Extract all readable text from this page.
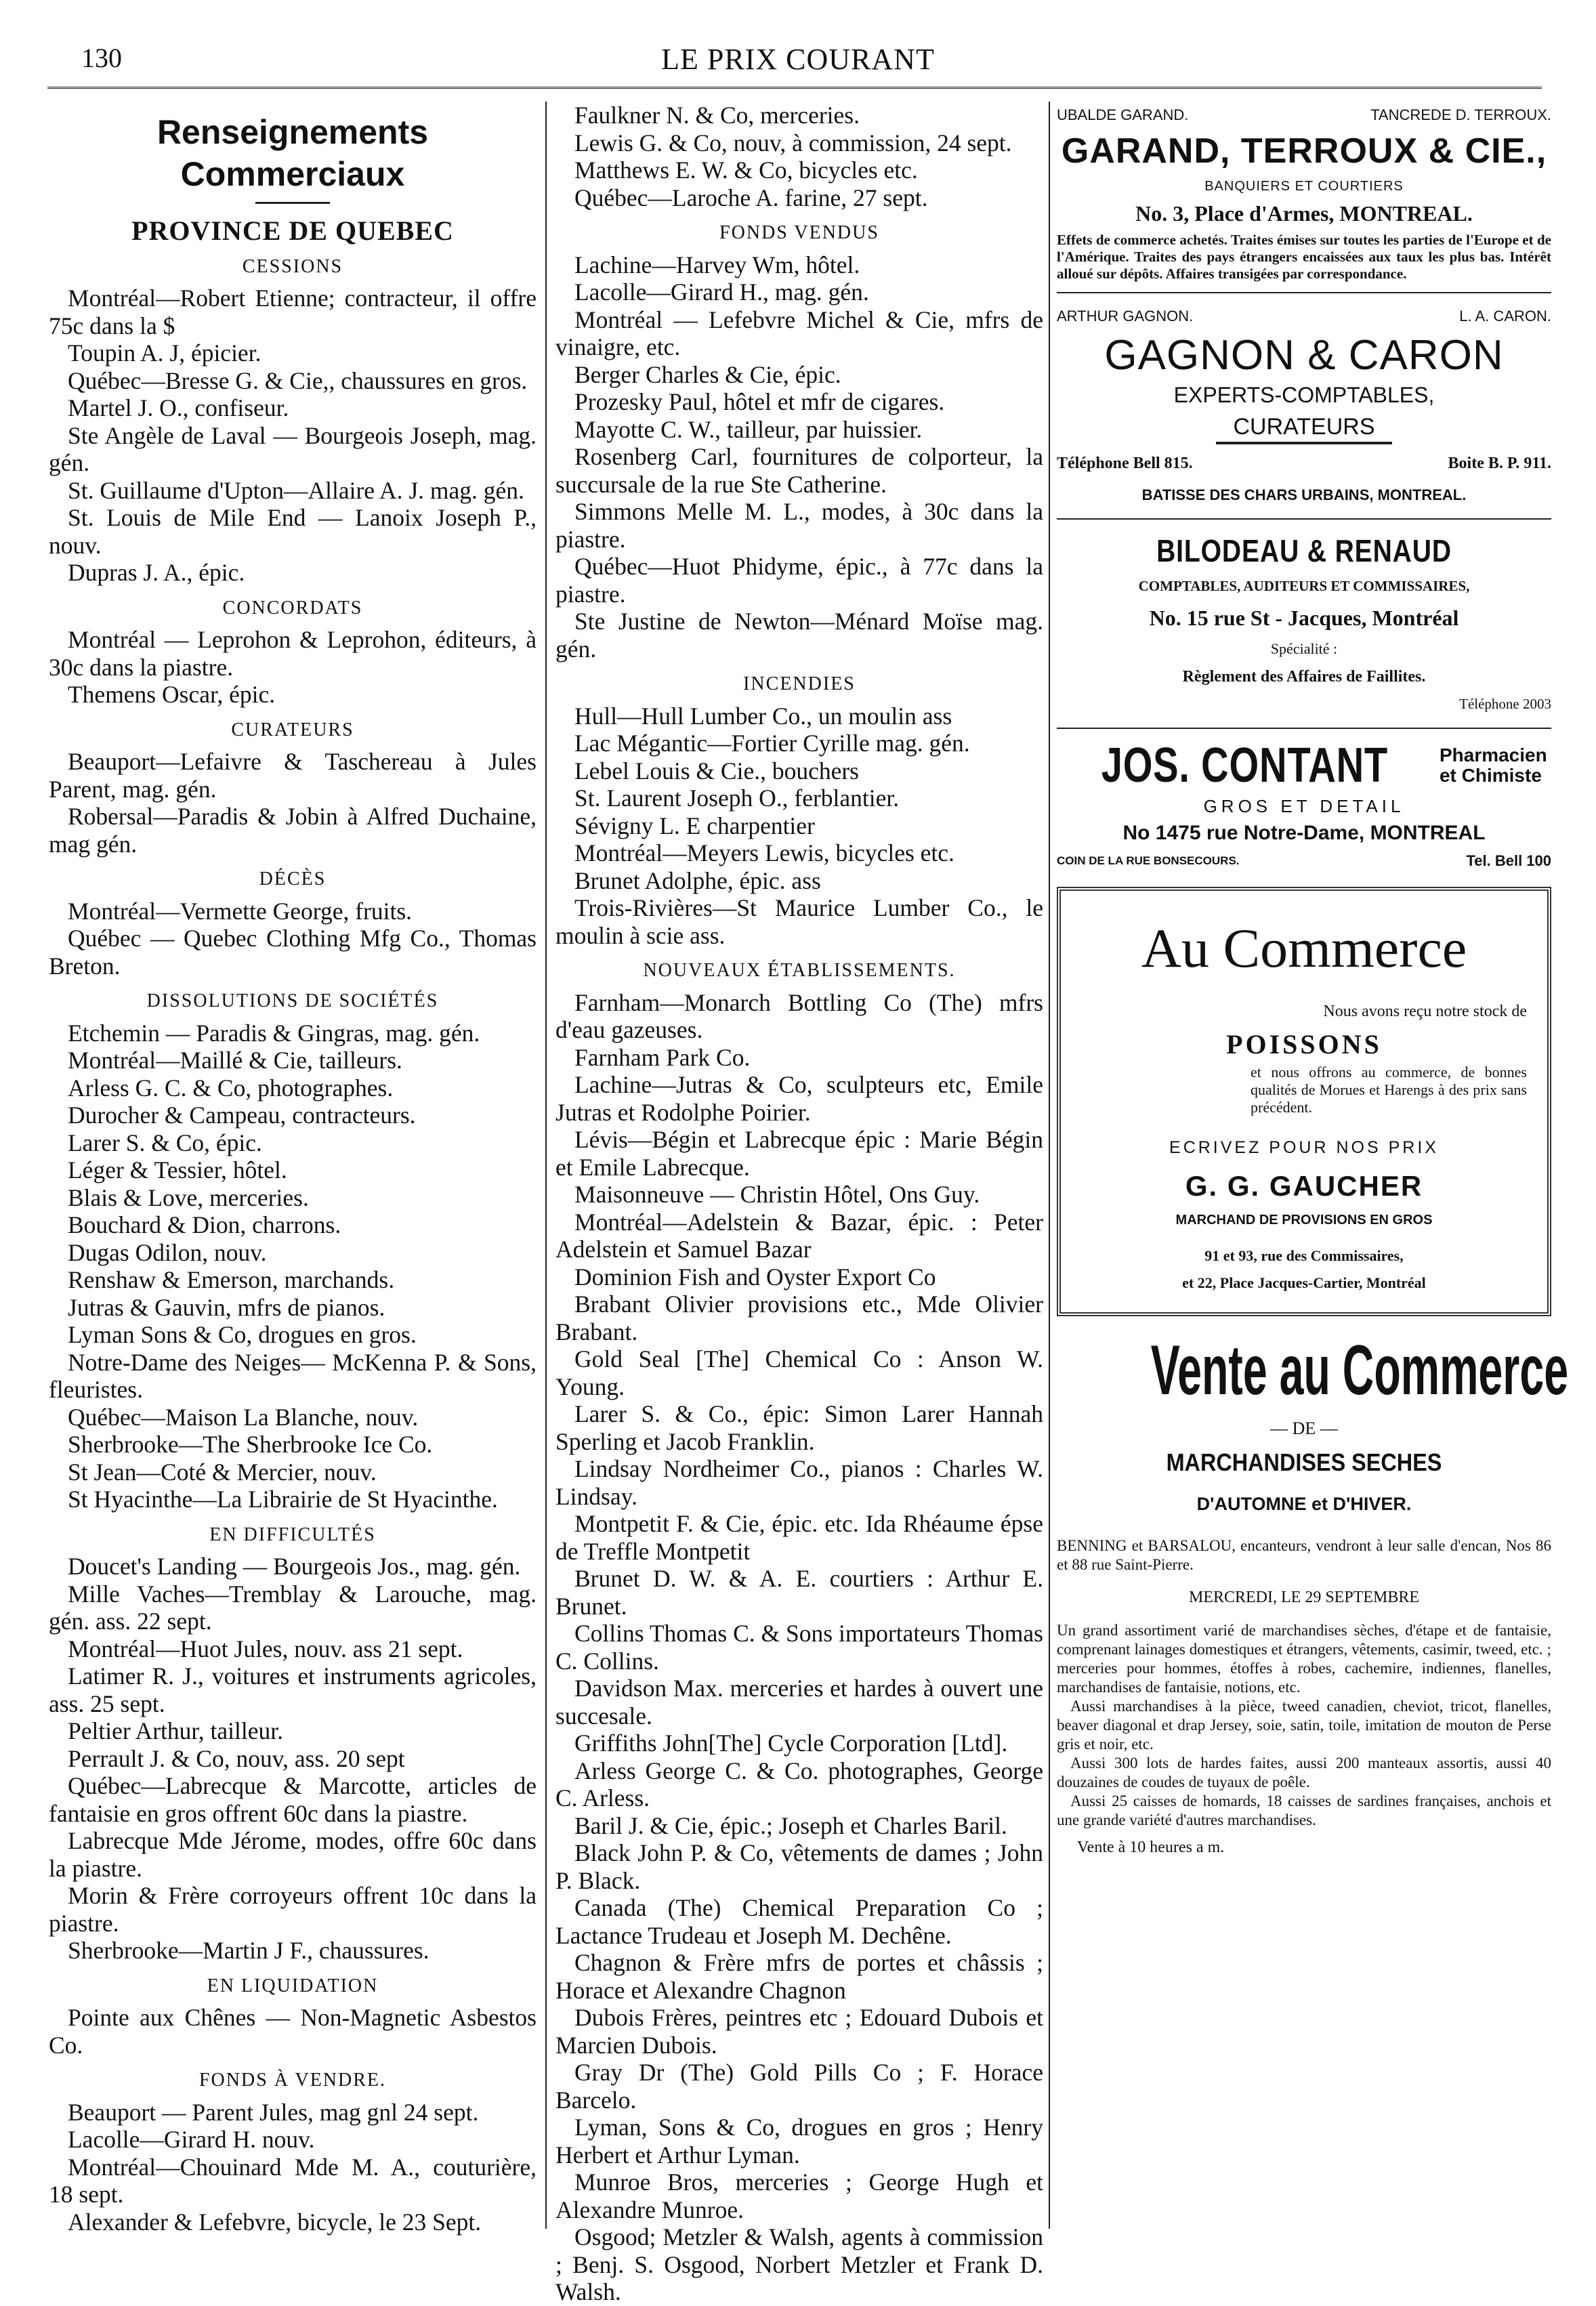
130	LE PRIX COURANT
Renseignements Commerciaux
PROVINCE DE QUEBEC
CESSIONS

Montréal—Robert Etienne; contracteur, il offre 75c dans la $

Toupin A. J, épicier.

Québec—Bresse G. & Cie,, chaussures en gros.

Martel J. O., confiseur.

Ste Angèle de Laval — Bourgeois Joseph, mag. gén.

St. Guillaume d'Upton—Allaire A. J. mag. gén.

St. Louis de Mile End — Lanoix Joseph P., nouv.

Dupras J. A., épic.

CONCORDATS

Montréal — Leprohon & Leprohon, éditeurs, à 30c dans la piastre.

Themens Oscar, épic.

CURATEURS

Beauport—Lefaivre & Taschereau à Jules Parent, mag. gén.

Robersal—Paradis & Jobin à Alfred Duchaine, mag gén.

DÉCÈS

Montréal—Vermette George, fruits.

Québec — Quebec Clothing Mfg Co., Thomas Breton.

DISSOLUTIONS DE SOCIÉTÉS

Etchemin — Paradis & Gingras, mag. gén.

Montréal—Maillé & Cie, tailleurs.

Arless G. C. & Co, photographes.

Durocher & Campeau, contracteurs.

Larer S. & Co, épic.

Léger & Tessier, hôtel.

Blais & Love, merceries.

Bouchard & Dion, charrons.

Dugas Odilon, nouv.

Renshaw & Emerson, marchands.

Jutras & Gauvin, mfrs de pianos.

Lyman Sons & Co, drogues en gros.

Notre-Dame des Neiges— McKenna P. & Sons, fleuristes.

Québec—Maison La Blanche, nouv.

Sherbrooke—The Sherbrooke Ice Co.

St Jean—Coté & Mercier, nouv.

St Hyacinthe—La Librairie de St Hyacinthe.

EN DIFFICULTÉS

Doucet's Landing — Bourgeois Jos., mag. gén.

Mille Vaches—Tremblay & Larouche, mag. gén. ass. 22 sept.

Montréal—Huot Jules, nouv. ass 21 sept.

Latimer R. J., voitures et instruments agricoles, ass. 25 sept.

Peltier Arthur, tailleur.

Perrault J. & Co, nouv, ass. 20 sept

Québec—Labrecque & Marcotte, articles de fantaisie en gros offrent 60c dans la piastre.

Labrecque Mde Jérome, modes, offre 60c dans la piastre.

Morin & Frère corroyeurs offrent 10c dans la piastre.

Sherbrooke—Martin J F., chaussures.

EN LIQUIDATION

Pointe aux Chênes — Non-Magnetic Asbestos Co.

FONDS À VENDRE.

Beauport — Parent Jules, mag gnl 24 sept.

Lacolle—Girard H. nouv.

Montréal—Chouinard Mde M. A., couturière, 18 sept.

Alexander & Lefebvre, bicycle, le 23 Sept.

Faulkner N. & Co, merceries.

Lewis G. & Co, nouv, à commission, 24 sept.

Matthews E. W. & Co, bicycles etc.

Québec—Laroche A. farine, 27 sept.

FONDS VENDUS

Lachine—Harvey Wm, hôtel.

Lacolle—Girard H., mag. gén.

Montréal — Lefebvre Michel & Cie, mfrs de vinaigre, etc.

Berger Charles & Cie, épic.

Prozesky Paul, hôtel et mfr de cigares.

Mayotte C. W., tailleur, par huissier.

Rosenberg Carl, fournitures de colporteur, la succursale de la rue Ste Catherine.

Simmons Melle M. L., modes, à 30c dans la piastre.

Québec—Huot Phidyme, épic., à 77c dans la piastre.

Ste Justine de Newton—Ménard Moïse mag. gén.

INCENDIES

Hull—Hull Lumber Co., un moulin ass

Lac Mégantic—Fortier Cyrille mag. gén.

Lebel Louis & Cie., bouchers

St. Laurent Joseph O., ferblantier.

Sévigny L. E charpentier

Montréal—Meyers Lewis, bicycles etc.

Brunet Adolphe, épic. ass

Trois-Rivières—St Maurice Lumber Co., le moulin à scie ass.

NOUVEAUX ÉTABLISSEMENTS.

Farnham—Monarch Bottling Co (The) mfrs d'eau gazeuses.

Farnham Park Co.

Lachine—Jutras & Co, sculpteurs etc, Emile Jutras et Rodolphe Poirier.

Lévis—Bégin et Labrecque épic : Marie Bégin et Emile Labrecque.

Maisonneuve — Christin Hôtel, Ons Guy.

Montréal—Adelstein & Bazar, épic. : Peter Adelstein et Samuel Bazar

Dominion Fish and Oyster Export Co

Brabant Olivier provisions etc., Mde Olivier Brabant.

Gold Seal [The] Chemical Co : Anson W. Young.

Larer S. & Co., épic: Simon Larer Hannah Sperling et Jacob Franklin.

Lindsay Nordheimer Co., pianos : Charles W. Lindsay.

Montpetit F. & Cie, épic. etc. Ida Rhéaume épse de Treffle Montpetit

Brunet D. W. & A. E. courtiers : Arthur E. Brunet.

Collins Thomas C. & Sons importateurs Thomas C. Collins.

Davidson Max. merceries et hardes à ouvert une succesale.

Griffiths John[The] Cycle Corporation [Ltd].

Arless George C. & Co. photographes, George C. Arless.

Baril J. & Cie, épic.; Joseph et Charles Baril.

Black John P. & Co, vêtements de dames ; John P. Black.

Canada (The) Chemical Preparation Co ; Lactance Trudeau et Joseph M. Dechêne.

Chagnon & Frère mfrs de portes et châssis ; Horace et Alexandre Chagnon

Dubois Frères, peintres etc ; Edouard Dubois et Marcien Dubois.

Gray Dr (The) Gold Pills Co ; F. Horace Barcelo.

Lyman, Sons & Co, drogues en gros ; Henry Herbert et Arthur Lyman.

Munroe Bros, merceries ; George Hugh et Alexandre Munroe.

Osgood; Metzler & Walsh, agents à commission ; Benj. S. Osgood, Norbert Metzler et Frank D. Walsh.

UBALDE GARAND.	TANCREDE D. TERROUX.
GARAND, TERROUX & CIE.,
BANQUIERS ET COURTIERS
No. 3, Place d'Armes, MONTREAL.
Effets de commerce achetés. Traites émises sur toutes les parties de l'Europe et de l'Amérique. Traites des pays étrangers encaissées aux taux les plus bas. Intérêt alloué sur dépôts. Affaires transigées par correspondance.
ARTHUR GAGNON.	L. A. CARON.
GAGNON & CARON
EXPERTS-COMPTABLES,
CURATEURS
Téléphone Bell 815.	Boite B. P. 911.
BATISSE DES CHARS URBAINS, MONTREAL.
BILODEAU & RENAUD
COMPTABLES, AUDITEURS ET COMMISSAIRES,
No. 15 rue St - Jacques, Montréal
Spécialité :
Règlement des Affaires de Faillites.
Téléphone 2003
JOS. CONTANT	Pharmacien
et Chimiste
GROS ET DETAIL
No 1475 rue Notre-Dame, MONTREAL
COIN DE LA RUE BONSECOURS.	Tel. Bell 100
Au Commerce
Nous avons reçu notre stock de
POISSONS
et nous offrons au commerce, de bonnes qualités de Morues et Harengs à des prix sans précédent.
ECRIVEZ POUR NOS PRIX
G. G. GAUCHER
MARCHAND DE PROVISIONS EN GROS
91 et 93, rue des Commissaires,
et 22, Place Jacques-Cartier, Montréal
Vente au Commerce
— DE —
MARCHANDISES SECHES
D'AUTOMNE et D'HIVER.
BENNING et BARSALOU, encanteurs, vendront à leur salle d'encan, Nos 86 et 88 rue Saint-Pierre.
MERCREDI, LE 29 SEPTEMBRE
Un grand assortiment varié de marchandises sèches, d'étape et de fantaisie, comprenant lainages domestiques et étrangers, vêtements, casimir, tweed, etc. ; merceries pour hommes, étoffes à robes, cachemire, indiennes, flanelles, marchandises de fantaisie, notions, etc.
Aussi marchandises à la pièce, tweed canadien, cheviot, tricot, flanelles, beaver diagonal et drap Jersey, soie, satin, toile, imitation de mouton de Perse gris et noir, etc.
Aussi 300 lots de hardes faites, aussi 200 manteaux assortis, aussi 40 douzaines de coudes de tuyaux de poêle.
Aussi 25 caisses de homards, 18 caisses de sardines françaises, anchois et une grande variété d'autres marchandises.
Vente à 10 heures a m.
